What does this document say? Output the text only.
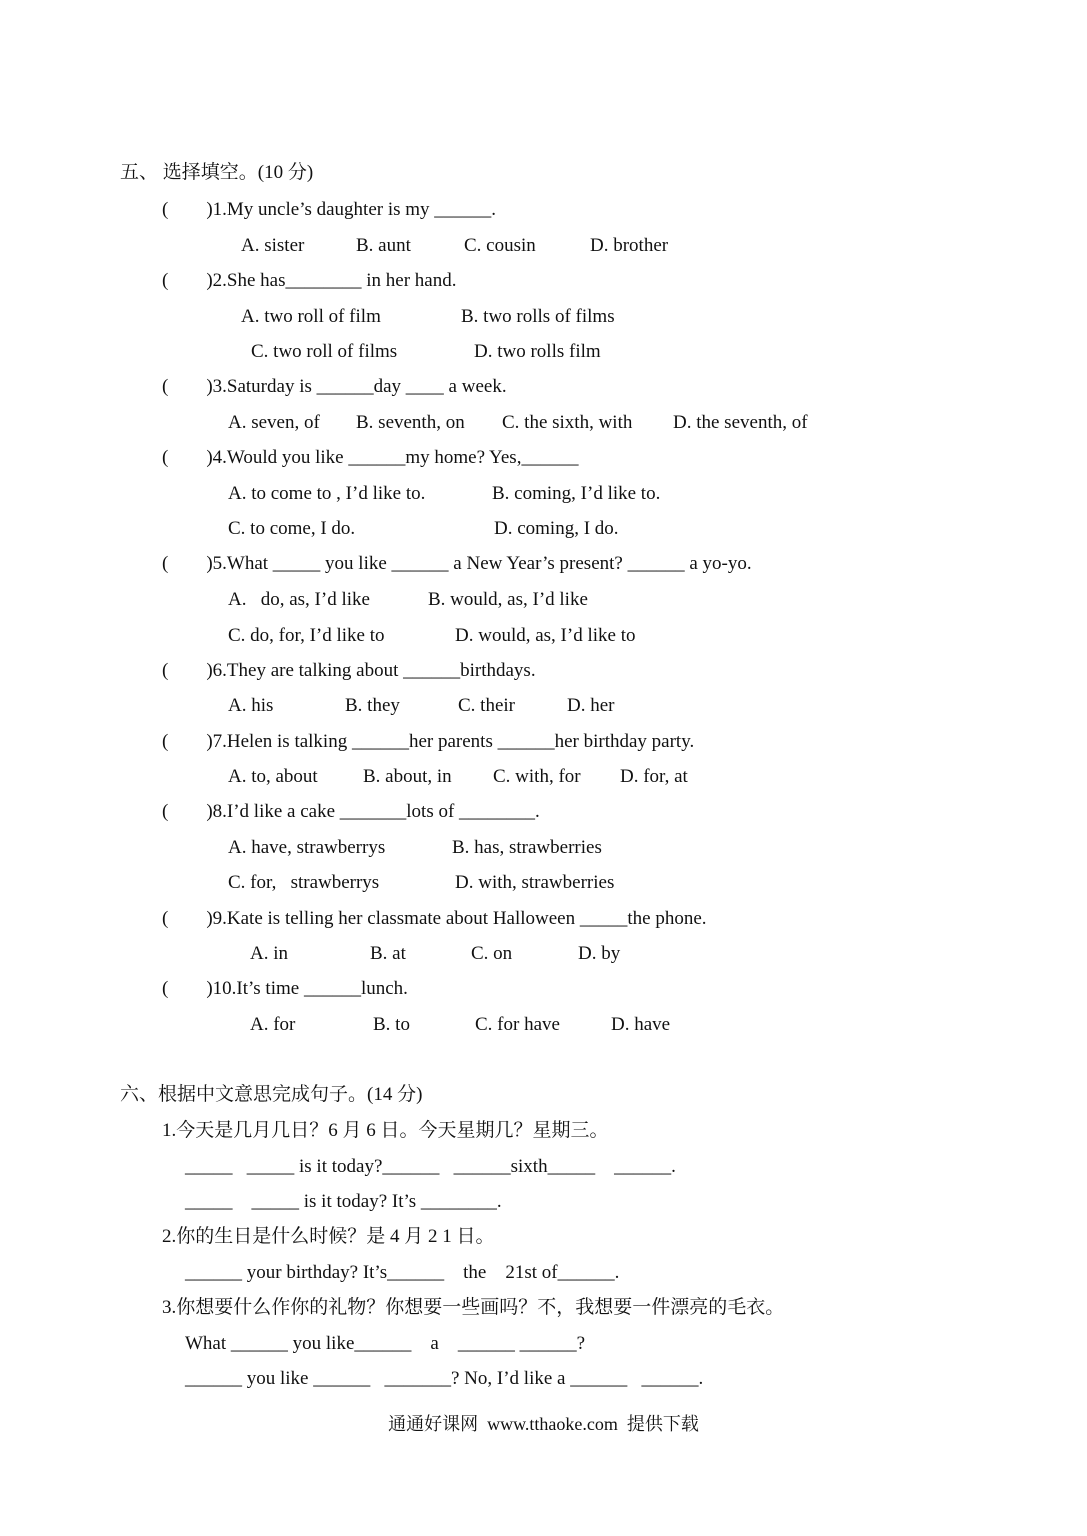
五、 选择填空。(10 分)
(        )1.My uncle’s daughter is my ______.
A. sister	B. aunt	C. cousin	D. brother
(        )2.She has________ in her hand.
A. two roll of film	B. two rolls of films
C. two roll of films	D. two rolls film
(        )3.Saturday is ______day ____ a week.
A. seven, of B. seventh, on C. the sixth, with D. the seventh, of
(        )4.Would you like ______my home? Yes,______
A. to come to , I’d like to.	B. coming, I’d like to.
C. to come, I do.	D. coming, I do.
(        )5.What _____ you like ______ a New Year’s present? ______ a yo-yo.
A.   do, as, I’d like	B. would, as, I’d like
C. do, for, I’d like to	D. would, as, I’d like to
(        )6.They are talking about ______birthdays.
A. his	B. they	C. their	D. her
(        )7.Helen is talking ______her parents ______her birthday party.
A. to, about B. about, in C. with, for D. for, at
(        )8.I’d like a cake _______lots of ________.
A. have, strawberrys	B. has, strawberries
C. for,   strawberrys	D. with, strawberries
(        )9.Kate is telling her classmate about Halloween _____the phone.
A. in	B. at	C. on	D. by
(        )10.It’s time ______lunch.
A. for	B. to	C. for have	D. have
六、根据中文意思完成句子。(14 分)
1.今天是几月几日？6 月 6 日。今天星期几？星期三。
_____   _____ is it today?______   ______sixth_____    ______.
_____    _____ is it today? It’s ________.
2.你的生日是什么时候？是 4 月 2 1 日。
______ your birthday? It’s______    the    21st of______.
3.你想要什么作你的礼物？你想要一些画吗？不，我想要一件漂亮的毛衣。
What ______ you like______    a    ______ ______?
______ you like ______   _______? No, I’d like a ______   ______.
通通好课网  www.tthaoke.com  提供下载
